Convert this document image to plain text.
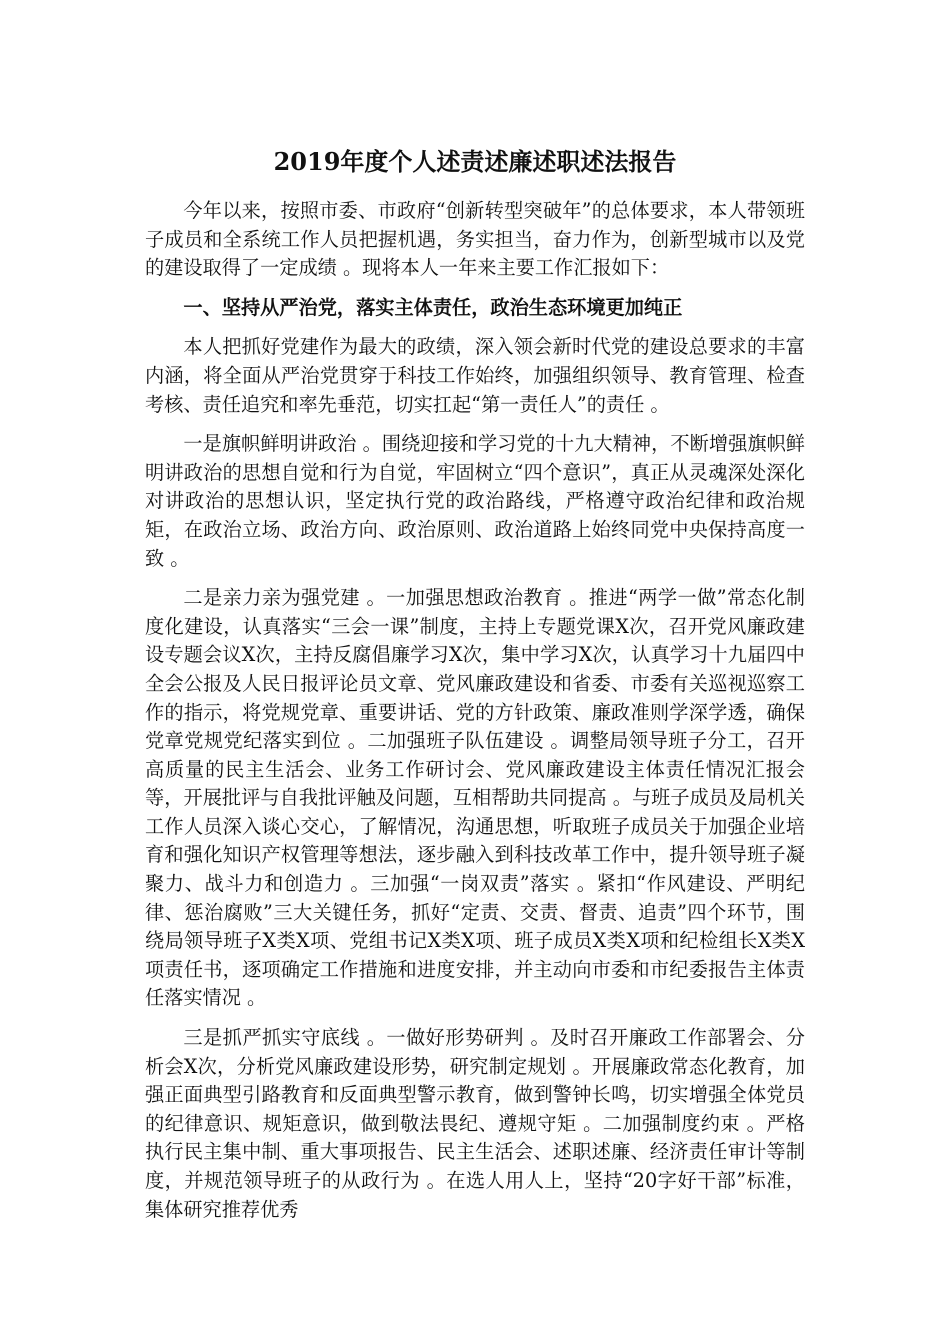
2019年度个人述责述廉述职述法报告

今年以来，按照市委、市政府“创新转型突破年”的总体要求，本人带领班子成员和全系统工作人员把握机遇，务实担当，奋力作为，创新型城市以及党的建设取得了一定成绩 。现将本人一年来主要工作汇报如下：

一、坚持从严治党，落实主体责任，政治生态环境更加纯正

本人把抓好党建作为最大的政绩，深入领会新时代党的建设总要求的丰富内涵，将全面从严治党贯穿于科技工作始终，加强组织领导、教育管理、检查考核、责任追究和率先垂范，切实扛起“第一责任人”的责任 。

一是旗帜鲜明讲政治 。围绕迎接和学习党的十九大精神，不断增强旗帜鲜明讲政治的思想自觉和行为自觉，牢固树立“四个意识”，真正从灵魂深处深化对讲政治的思想认识，坚定执行党的政治路线，严格遵守政治纪律和政治规矩，在政治立场、政治方向、政治原则、政治道路上始终同党中央保持高度一致 。

二是亲力亲为强党建 。一加强思想政治教育 。推进“两学一做”常态化制度化建设，认真落实“三会一课”制度，主持上专题党课X次，召开党风廉政建设专题会议X次，主持反腐倡廉学习X次，集中学习X次，认真学习十九届四中全会公报及人民日报评论员文章、党风廉政建设和省委、市委有关巡视巡察工作的指示，将党规党章、重要讲话、党的方针政策、廉政准则学深学透，确保党章党规党纪落实到位 。二加强班子队伍建设 。调整局领导班子分工，召开高质量的民主生活会、业务工作研讨会、党风廉政建设主体责任情况汇报会等，开展批评与自我批评触及问题，互相帮助共同提高 。与班子成员及局机关工作人员深入谈心交心，了解情况，沟通思想，听取班子成员关于加强企业培育和强化知识产权管理等想法，逐步融入到科技改革工作中，提升领导班子凝聚力、战斗力和创造力 。三加强“一岗双责”落实 。紧扣“作风建设、严明纪律、惩治腐败”三大关键任务，抓好“定责、交责、督责、追责”四个环节，围绕局领导班子X类X项、党组书记X类X项、班子成员X类X项和纪检组长X类X项责任书，逐项确定工作措施和进度安排，并主动向市委和市纪委报告主体责任落实情况 。

三是抓严抓实守底线 。一做好形势研判 。及时召开廉政工作部署会、分析会X次，分析党风廉政建设形势，研究制定规划 。开展廉政常态化教育，加强正面典型引路教育和反面典型警示教育，做到警钟长鸣，切实增强全体党员的纪律意识、规矩意识，做到敬法畏纪、遵规守矩 。二加强制度约束 。严格执行民主集中制、重大事项报告、民主生活会、述职述廉、经济责任审计等制度，并规范领导班子的从政行为 。在选人用人上，坚持“20字好干部”标准，集体研究推荐优秀
